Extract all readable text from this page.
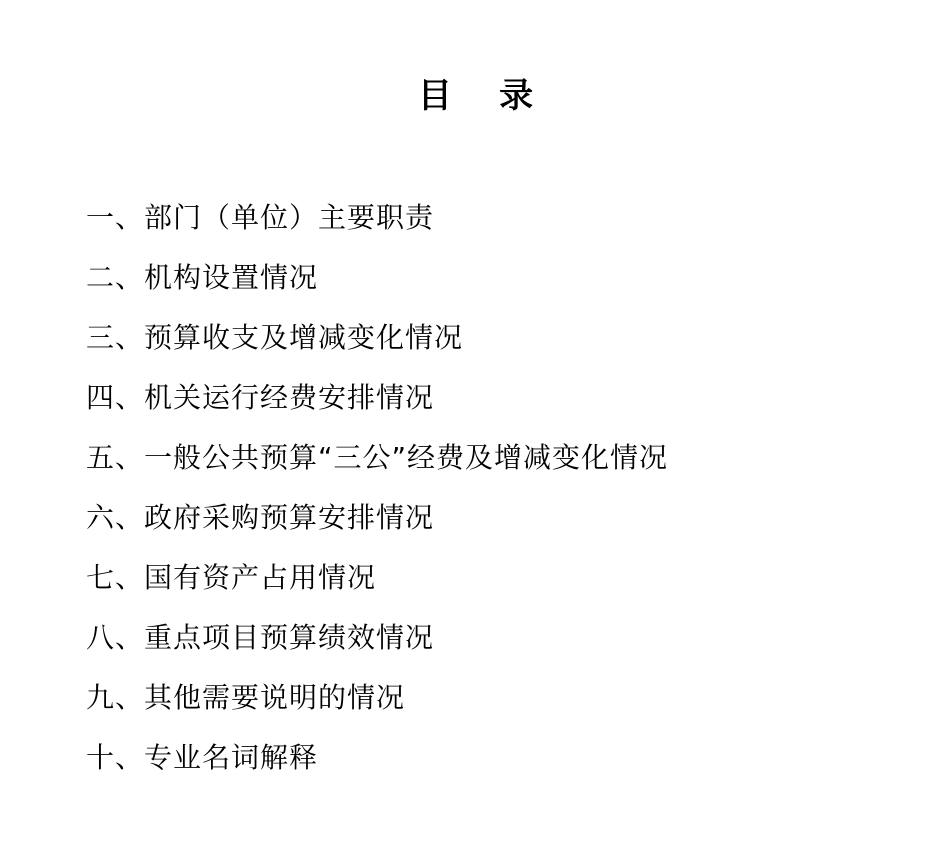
目    录
一、部门（单位）主要职责
二、机构设置情况
三、预算收支及增减变化情况
四、机关运行经费安排情况
五、一般公共预算“三公”经费及增减变化情况
六、政府采购预算安排情况
七、国有资产占用情况
八、重点项目预算绩效情况
九、其他需要说明的情况
十、专业名词解释
